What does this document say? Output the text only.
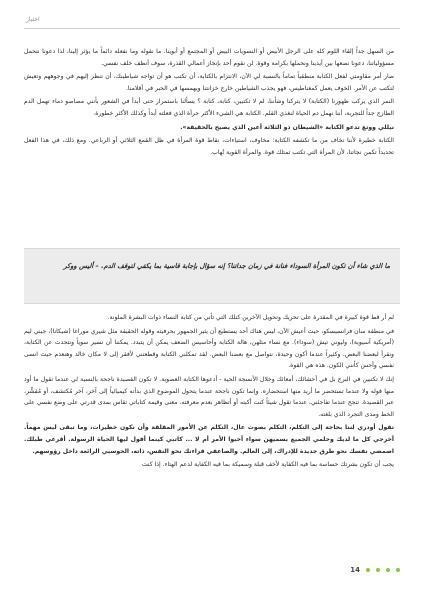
اختيار

من السهل جداً إلقاء اللوم كله على الرجل الأبيض أو النسويات البيض أو المجتمع أو أبوينا. ما نقوله وما نفعله دائماً ما يؤثر إلينا، لذا دعونا نتحمل مسؤولياتنا، دعونا نضعها بين أيدينا ونحملها بكرامة وقوة. لن نقوم أحد بإنجاز أعمالي القذرة، سوف أنظف خلف نفسي.

صار أمر مقاومتي لفعل الكتابة منطقياً تماماً بالنسبة لي الآن، الانتزام بالكتابة، أن تكتب هو أن تواجه شياطينك، أن تنظر إليهم في وجوههم وتعيش لتكتب عن الأمر. الخوف يعمل كمغناطيس، فهو يجذب الشياطين خارج خزانتنا ويهمسها في الحبر في أقلامنا.

النمر الذي يركب ظهورنا (الكتابة) لا يتركنا وشأننا، لم لا تكتبين، كتابة، كتابة ؟ يسألنا باستمرار حتى أبدأ في الشعور بأنني مصاصو دماء تهمل الدم الطازج جداً للتجربة، أننا نهمل دم الحياة لنغذي القلم. الكتابة هي الشيء الأكثر جرأة الذي فعلته أبداً وكذلك الأكثر خطورة.

نيللي ووتغ تدعو الكتابة «الشيطان ذو الثلاثة أعين الذي يصيح بالحقيقة».

الكتابة خطيرة لأننا نخاف من ما تكشفه الكتابة: مخاوف، استياءات، نقاط قوة المرأة في ظل القمع الثلاثي أو الرباعي. ومع ذلك، في هذا الفعل تحديداً تكمن نجاتنا، لأن المرأة التي تكتب تمتلك قوة. والمرأة القوية تُهاب.

ما الذي شاء أن تكون المرأة السوداء فنانة في زمان جداتنا؟ إنه سؤال بإجابة قاسية بما يكفي لتوقف الدم. – أليس ووكر

لم أر قط قوة كبيرة في المقدرة على تحريك وتحويل الآخرين كتلك التي تأتي من كتابة النساء ذوات البشرة الملونة.

في منطقة سان فرانسيسكو، حيث أعيش الآن، ليس هناك أحد يستطيع أن يثير الجمهور بحرفيته وقوله الحقيقة مثل شيري موراغا (شيكانا)، جيني ليم (أمريكية آسيوية)، وليوني تيش (سوداء). مع نساء مثلهن، هالة الكتابة وأحاسيس الضعف يمكن أن يتبدد. يمكننا أن نسير سوياً ونتحدث عن الكتابة، ونقرأ لبعضنا البعض. وكثيراً عندما أكون وحيدة، نتواصل مع بعضنا البعض. لقد تمكلني الكتابة وقطعتني لأفقر إلى لا مكان خالد وهنعدم حيث انسى نفسي وأحس كأنني الكون. هذه هي القوة.

إنك لا تكتبين في البرج بل في أحشائك، أمعائك وخلال الأنسجة الحية - أدعوها الكتابة العضوية. لا تكون القصيدة ناجحة بالنسبة لي عندما تقول ما أود منها قوله ولا عندما تستحضر ما أريد منها استحضاره. وإنما تكون ناجحة عندما يتحول الموضوع الذي بدأته كيميائياً إلى آخر، آخر مُكتشف، أو مُقشِّر، عبر القصيدة. تنجح عندما تفاجئني، عندما تقول شيئاً كنت أكبته أو أتظاهر بعدم معرفته. معنى وقيمة كتاباتي تقاس بمدى قدرتي على وضع نفسي على الخط ومدى التجرد الذي بلغته.

تقول أودري لننا بحاجة إلى التكلم، التكلم بصوت عال، التكلم عن الأمور المقلقة وأن نكون خطيرات، وما تبقى ليس مهماً. أخرجي كل ما لديك وحلمي الجميع بسميهن سواء أحبوا الأمر أم لا ... كاتبي كينما أقول ليها الحياة الرسولة. أقرعي طبلك. اصمضي نفسك نحو طرق جديدة للإدراك، إلى العالم. والصاعقي قراءتك نحو النفس، ذاته، الحوسبي الرائعة داخل رؤوسهم.

يجب أن تكون بشرتك حساسة بما فيه الكفاية لأخف قبلة وسميكة بما فيه الكفاية لدعم الهتاء. إذا كنت

14
